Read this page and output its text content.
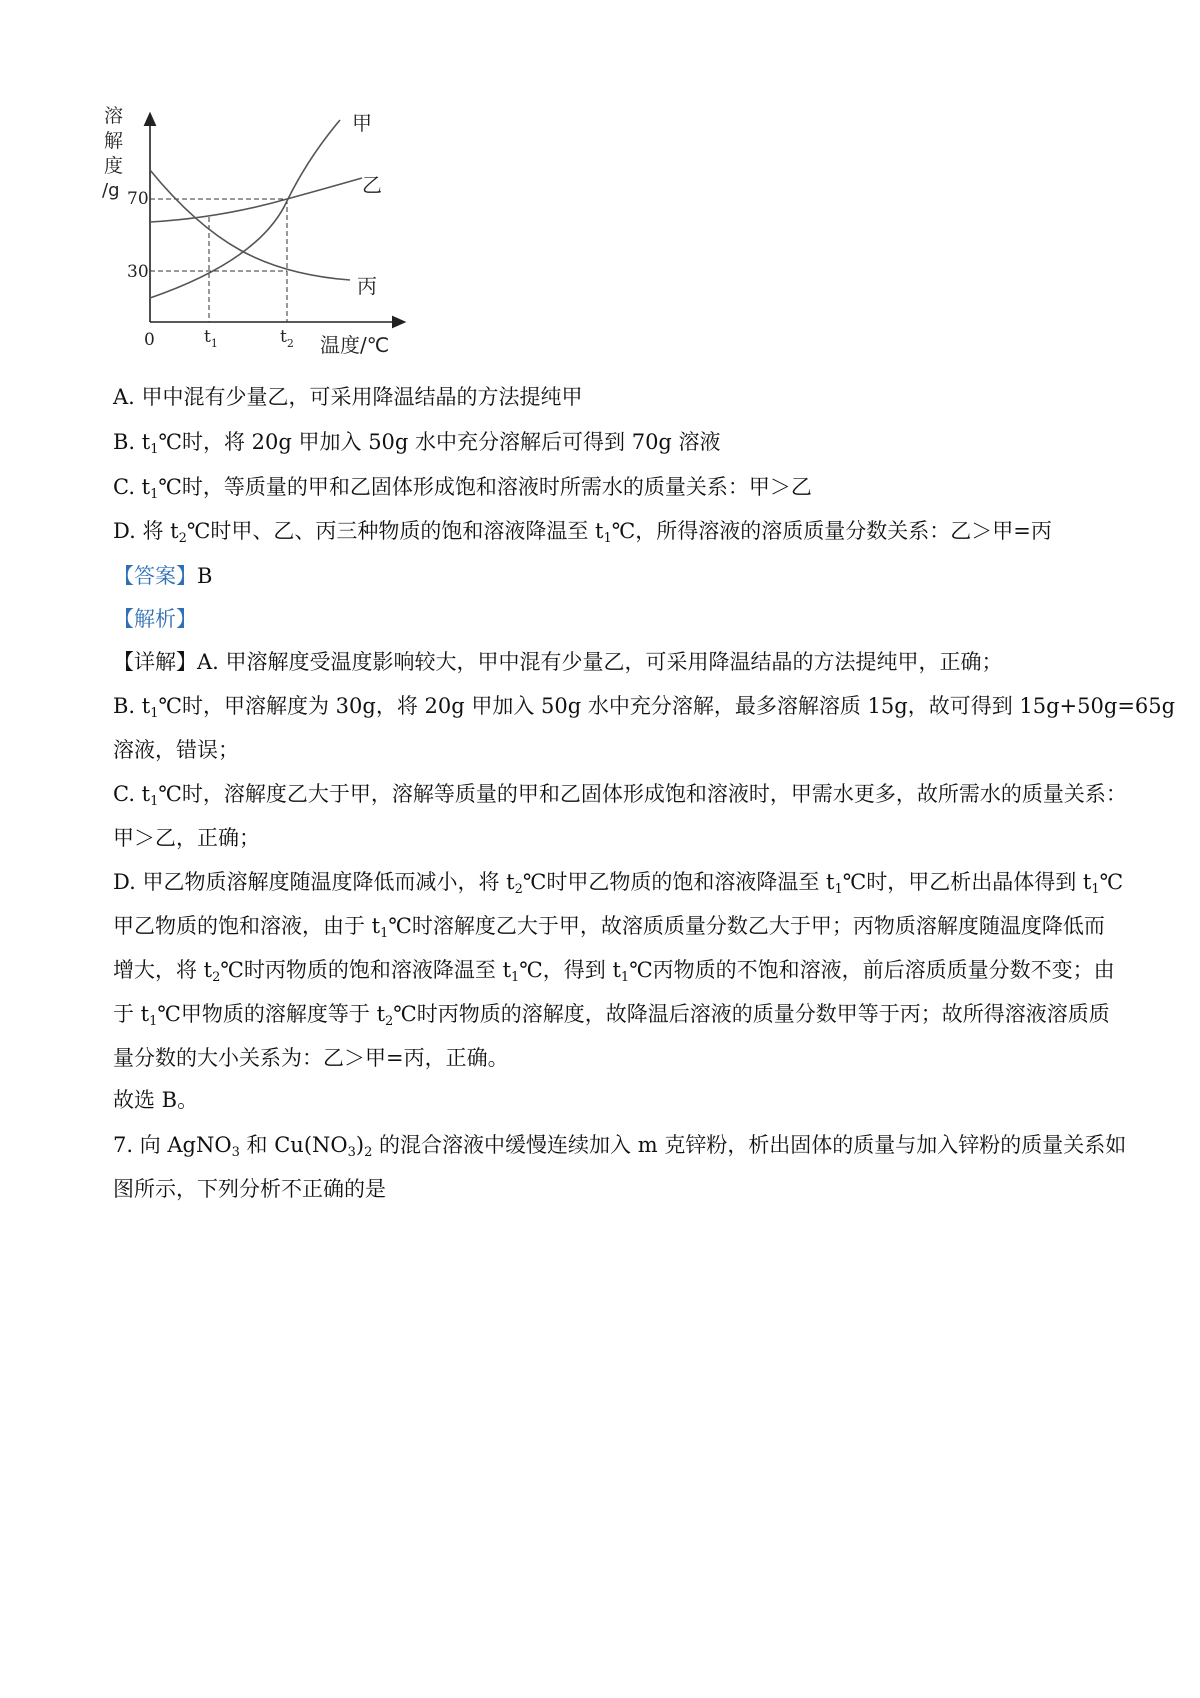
溶
解
度
/g 70
30
0	$t_1$	$t_2$ 温度/℃
甲
乙
丙
A. 甲中混有少量乙，可采用降温结晶的方法提纯甲
B. $t_1℃$时，将 20g 甲加入 50g 水中充分溶解后可得到 70g 溶液
C. $t_1℃$时，等质量的甲和乙固体形成饱和溶液时所需水的质量关系：甲＞乙
D. 将 $t_2℃$时甲、乙、丙三种物质的饱和溶液降温至 $t_1℃$，所得溶液的溶质质量分数关系：乙＞甲=丙
【答案】B
【解析】
【详解】A. 甲溶解度受温度影响较大，甲中混有少量乙，可采用降温结晶的方法提纯甲，正确；
B. $t_1℃$时，甲溶解度为 30g，将 20g 甲加入 50g 水中充分溶解，最多溶解溶质 15g，故可得到 15g+50g=65g
溶液，错误；
C. $t_1℃$时，溶解度乙大于甲，溶解等质量的甲和乙固体形成饱和溶液时，甲需水更多，故所需水的质量关系：
甲＞乙，正确；
D. 甲乙物质溶解度随温度降低而减小，将 $t_2℃$时甲乙物质的饱和溶液降温至 $t_1℃$时，甲乙析出晶体得到 $t_1℃$
甲乙物质的饱和溶液，由于 $t_1℃$时溶解度乙大于甲，故溶质质量分数乙大于甲；丙物质溶解度随温度降低而
增大，将 $t_2℃$时丙物质的饱和溶液降温至 $t_1℃$，得到 $t_1℃$丙物质的不饱和溶液，前后溶质质量分数不变；由
于 $t_1℃$甲物质的溶解度等于 $t_2℃$时丙物质的溶解度，故降温后溶液的质量分数甲等于丙；故所得溶液溶质质
量分数的大小关系为：乙＞甲=丙，正确。
故选 B。
7. 向 AgNO$_3$ 和 $Cu(NO_3)_2$ 的混合溶液中缓慢连续加入 m 克锌粉，析出固体的质量与加入锌粉的质量关系如
图所示，下列分析不正确的是
